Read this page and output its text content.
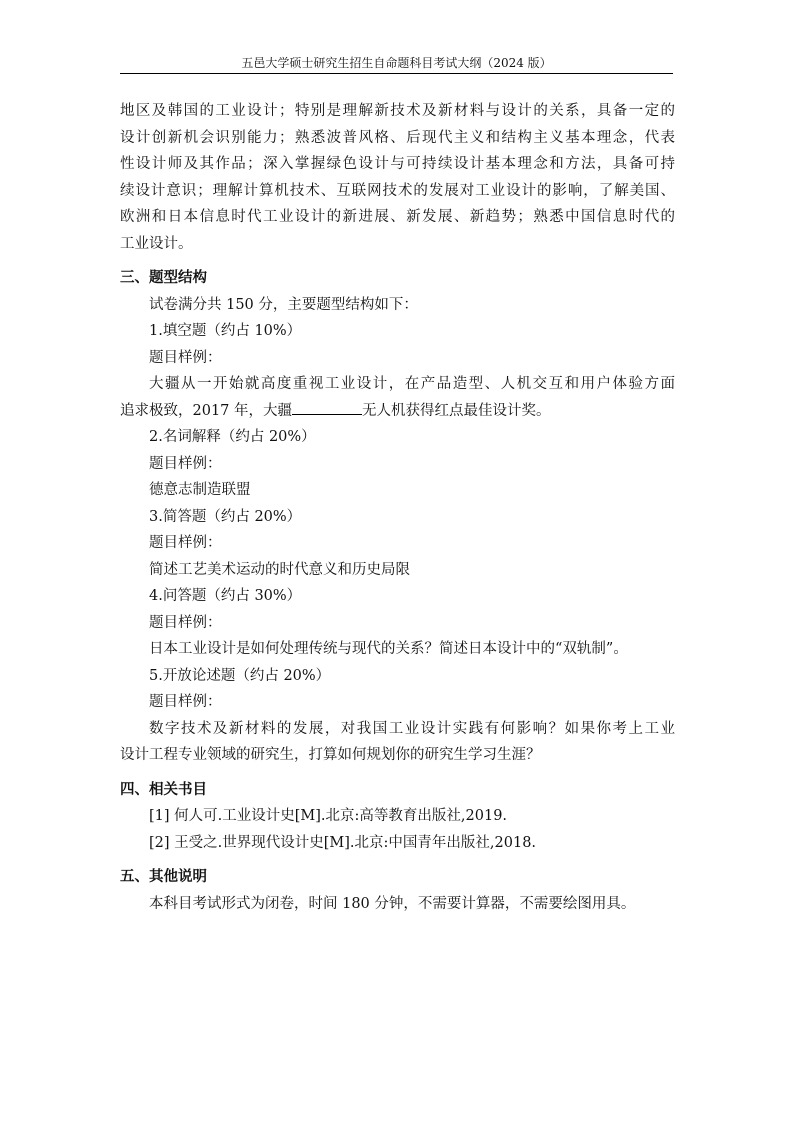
五邑大学硕士研究生招生自命题科目考试大纲（2024 版）
地区及韩国的工业设计；特别是理解新技术及新材料与设计的关系，具备一定的
设计创新机会识别能力；熟悉波普风格、后现代主义和结构主义基本理念，代表
性设计师及其作品；深入掌握绿色设计与可持续设计基本理念和方法，具备可持
续设计意识；理解计算机技术、互联网技术的发展对工业设计的影响，了解美国、
欧洲和日本信息时代工业设计的新进展、新发展、新趋势；熟悉中国信息时代的
工业设计。
三、题型结构
试卷满分共 150 分，主要题型结构如下：
1.填空题（约占 10%）
题目样例：
大疆从一开始就高度重视工业设计，在产品造型、人机交互和用户体验方面
追求极致，2017 年，大疆	无人机获得红点最佳设计奖。
2.名词解释（约占 20%）
题目样例：
德意志制造联盟
3.简答题（约占 20%）
题目样例：
简述工艺美术运动的时代意义和历史局限
4.问答题（约占 30%）
题目样例：
日本工业设计是如何处理传统与现代的关系？简述日本设计中的“双轨制”。
5.开放论述题（约占 20%）
题目样例：
数字技术及新材料的发展，对我国工业设计实践有何影响？如果你考上工业
设计工程专业领域的研究生，打算如何规划你的研究生学习生涯？
四、相关书目
[1] 何人可.工业设计史[M].北京:高等教育出版社,2019.
[2] 王受之.世界现代设计史[M].北京:中国青年出版社,2018.
五、其他说明
本科目考试形式为闭卷，时间 180 分钟，不需要计算器，不需要绘图用具。
